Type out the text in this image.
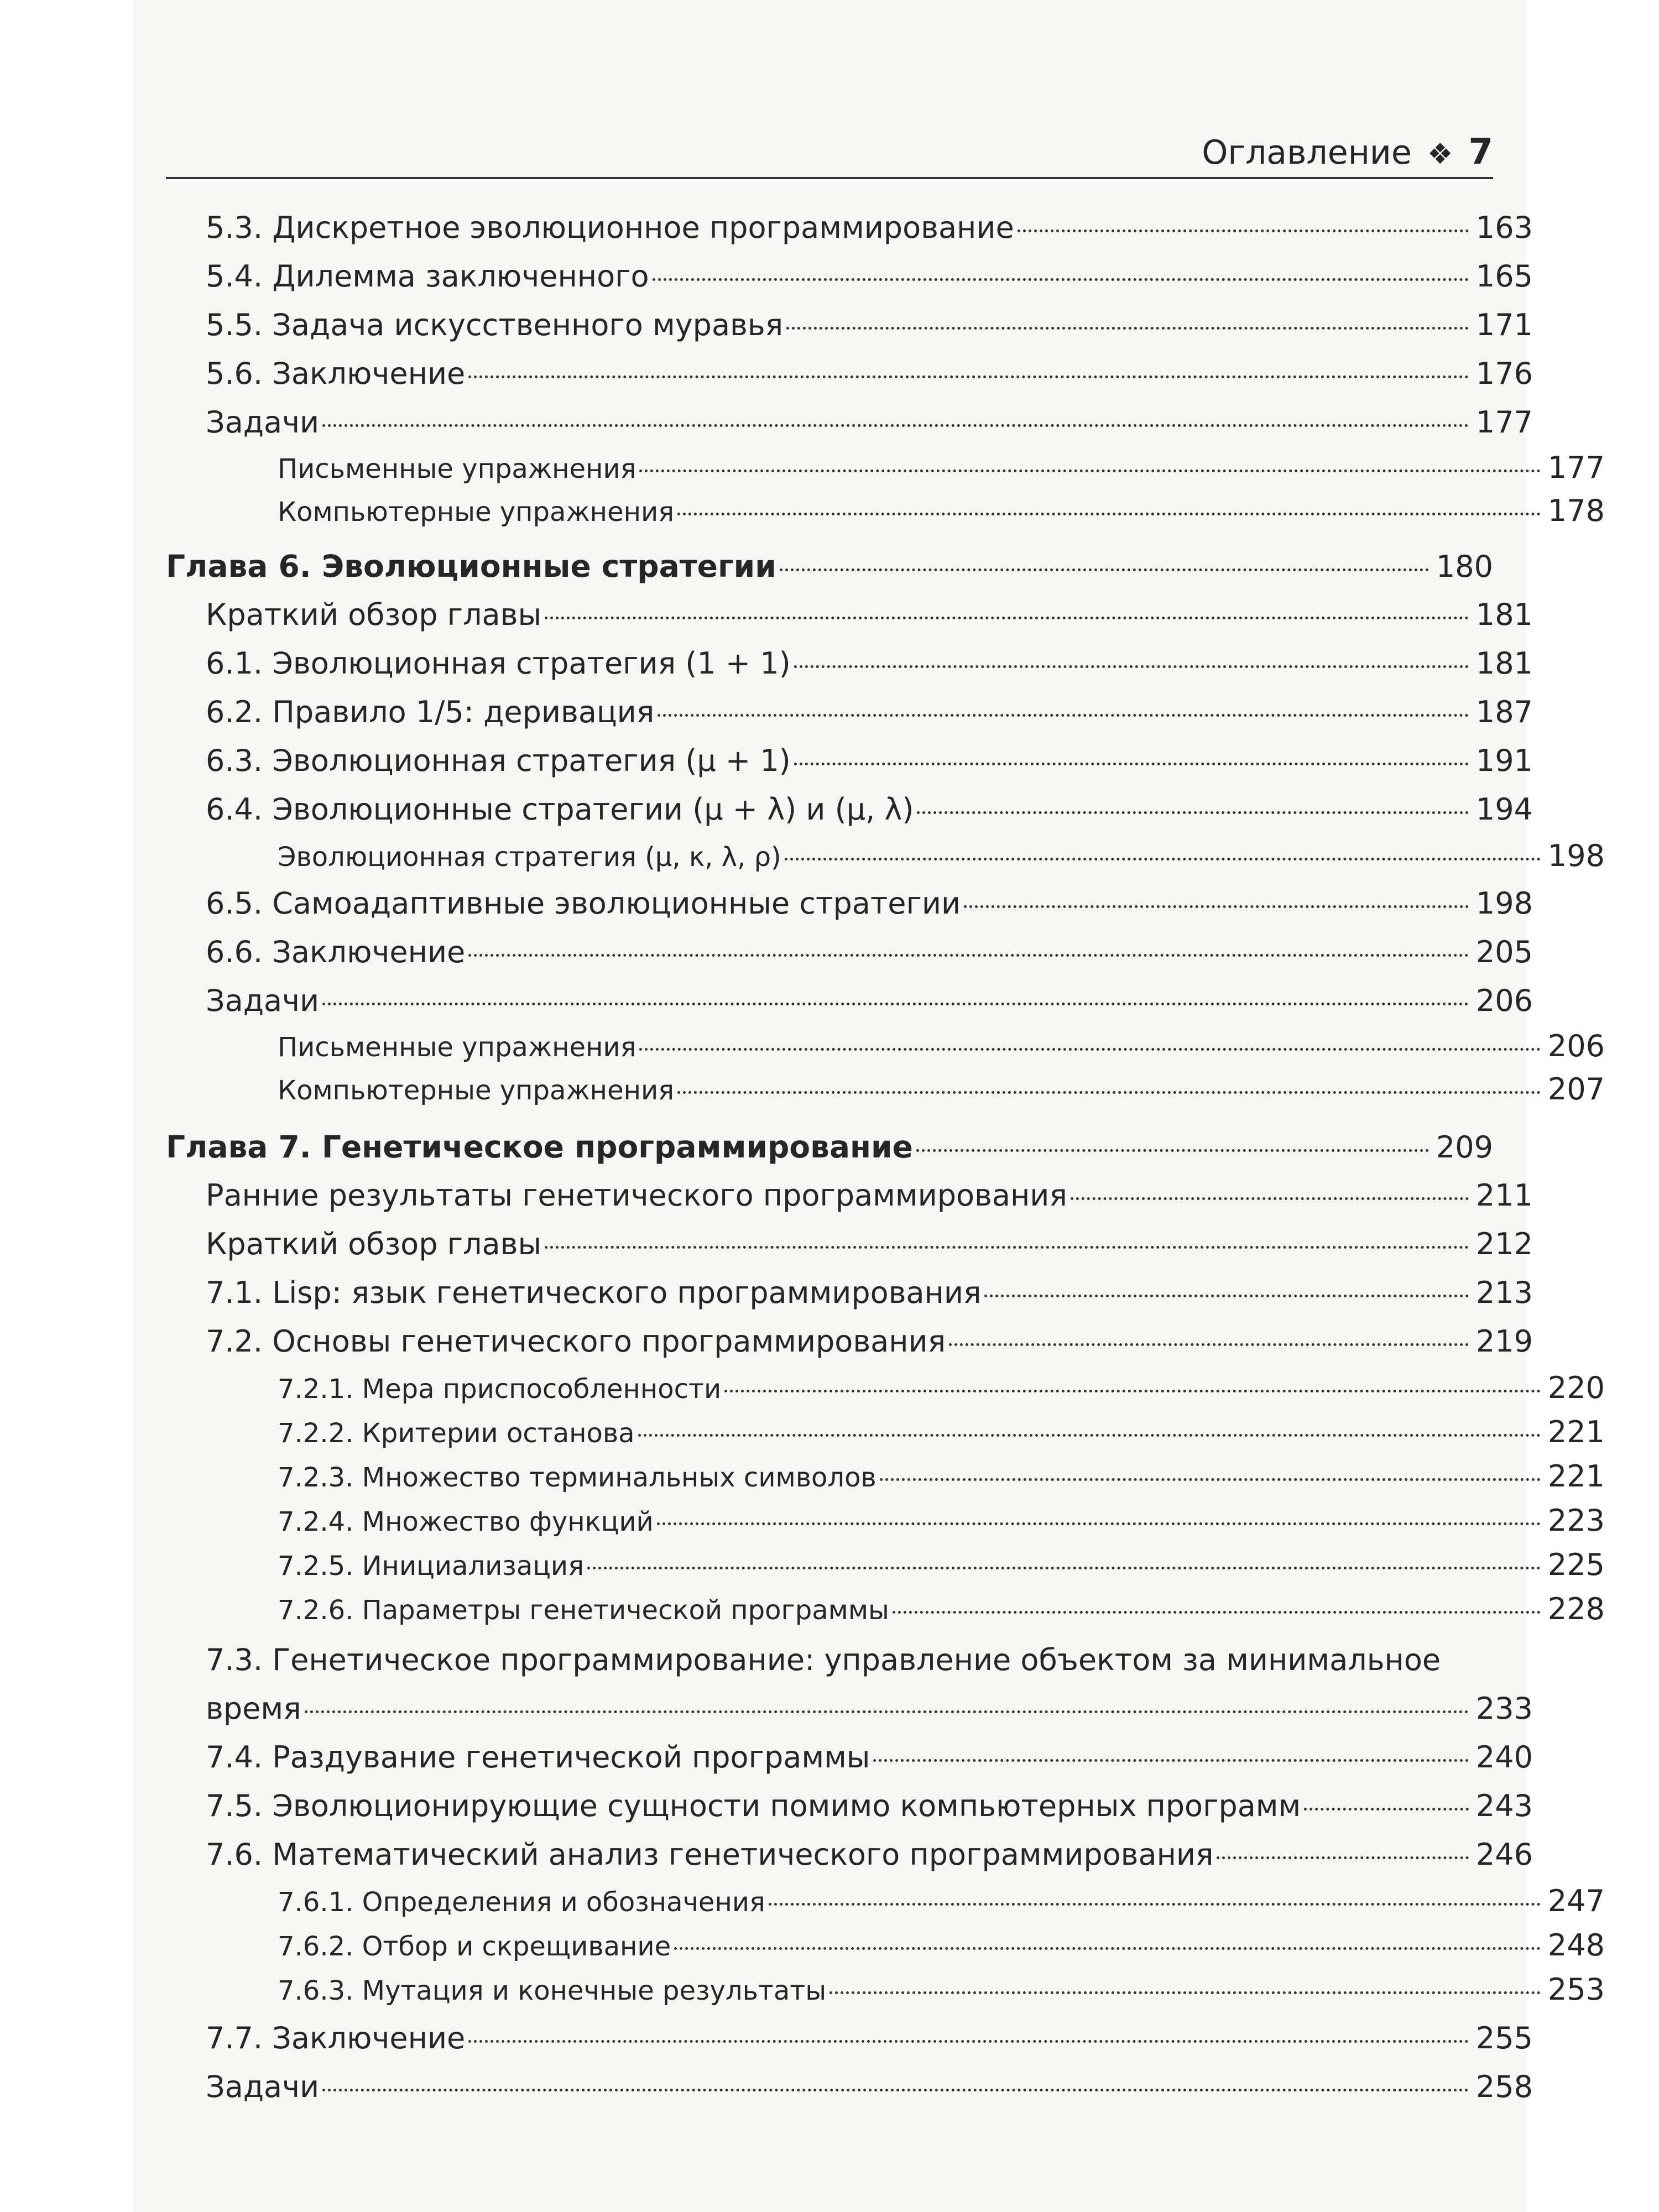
Оглавление ❖ 7
5.3. Дискретное эволюционное программирование	163
5.4. Дилемма заключенного	165
5.5. Задача искусственного муравья	171
5.6. Заключение	176
Задачи	177
Письменные упражнения	177
Компьютерные упражнения	178
Глава 6. Эволюционные стратегии	180
Краткий обзор главы	181
6.1. Эволюционная стратегия (1 + 1)	181
6.2. Правило 1/5: деривация	187
6.3. Эволюционная стратегия (μ + 1)	191
6.4. Эволюционные стратегии (μ + λ) и (μ, λ)	194
Эволюционная стратегия (μ, κ, λ, ρ)	198
6.5. Самоадаптивные эволюционные стратегии	198
6.6. Заключение	205
Задачи	206
Письменные упражнения	206
Компьютерные упражнения	207
Глава 7. Генетическое программирование	209
Ранние результаты генетического программирования	211
Краткий обзор главы	212
7.1. Lisp: язык генетического программирования	213
7.2. Основы генетического программирования	219
7.2.1. Мера приспособленности	220
7.2.2. Критерии останова	221
7.2.3. Множество терминальных символов	221
7.2.4. Множество функций	223
7.2.5. Инициализация	225
7.2.6. Параметры генетической программы	228
7.3. Генетическое программирование: управление объектом за минимальное
время	233
7.4. Раздувание генетической программы	240
7.5. Эволюционирующие сущности помимо компьютерных программ	243
7.6. Математический анализ генетического программирования	246
7.6.1. Определения и обозначения	247
7.6.2. Отбор и скрещивание	248
7.6.3. Мутация и конечные результаты	253
7.7. Заключение	255
Задачи	258
